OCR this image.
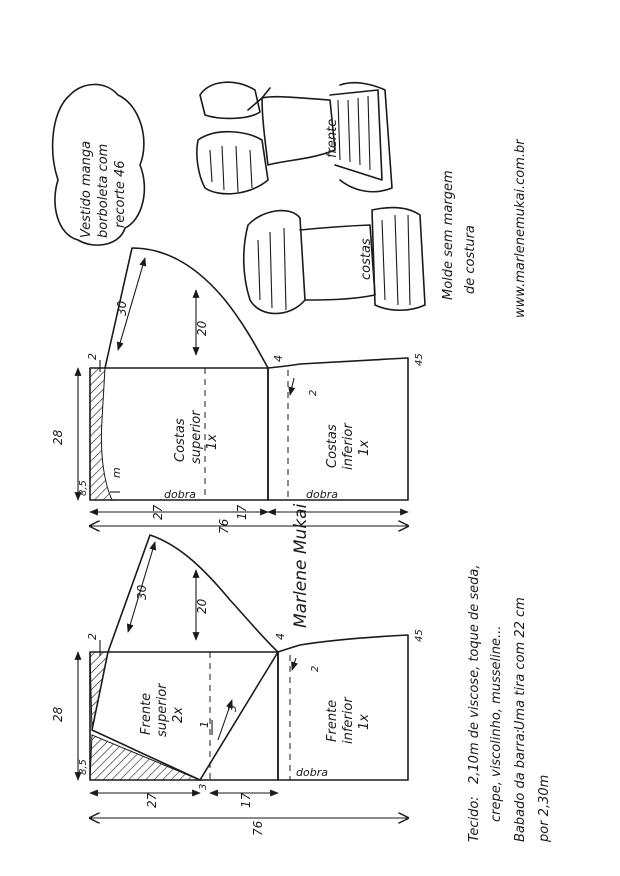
Vestido manga borboleta com recorte 46
frente
costas	Molde sem margem de costura	www.marlenemukai.com.br
Costas superior 1x	Costas inferior 1x
28
8,5
2
m
27	17
76
30
20
4
2
45
dobra	dobra
Frente superior 2x	Frente inferior 1x
28
8,5
2
27	17
76
30
20
4
2
45
1
3
3
dobra
Marlene Mukai
Tecido:
2,10m de viscose, toque de seda, crepe, viscolinho, musseline... Babado da barra:
Uma tira com 22 cm
por 2,30m
